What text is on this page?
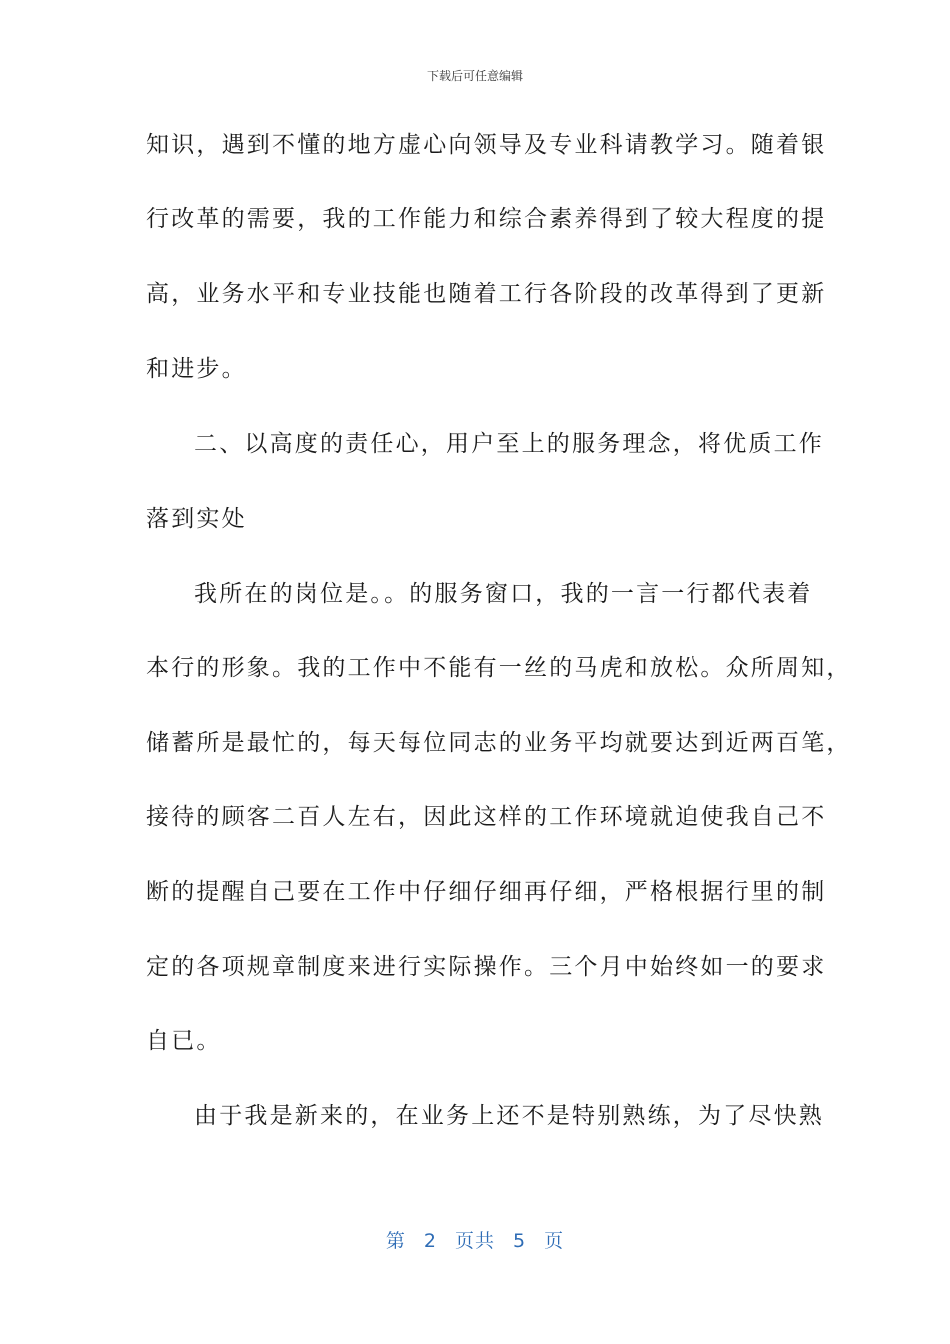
下载后可任意编辑
知识，遇到不懂的地方虚心向领导及专业科请教学习。随着银
行改革的需要，我的工作能力和综合素养得到了较大程度的提
高，业务水平和专业技能也随着工行各阶段的改革得到了更新
和进步。
二、以高度的责任心，用户至上的服务理念，将优质工作
落到实处
我所在的岗位是。。的服务窗口，我的一言一行都代表着
本行的形象。我的工作中不能有一丝的马虎和放松。众所周知，
储蓄所是最忙的，每天每位同志的业务平均就要达到近两百笔，
接待的顾客二百人左右，因此这样的工作环境就迫使我自己不
断的提醒自己要在工作中仔细仔细再仔细，严格根据行里的制
定的各项规章制度来进行实际操作。三个月中始终如一的要求
自已。
由于我是新来的，在业务上还不是特别熟练，为了尽快熟
第 2 页共 5 页
